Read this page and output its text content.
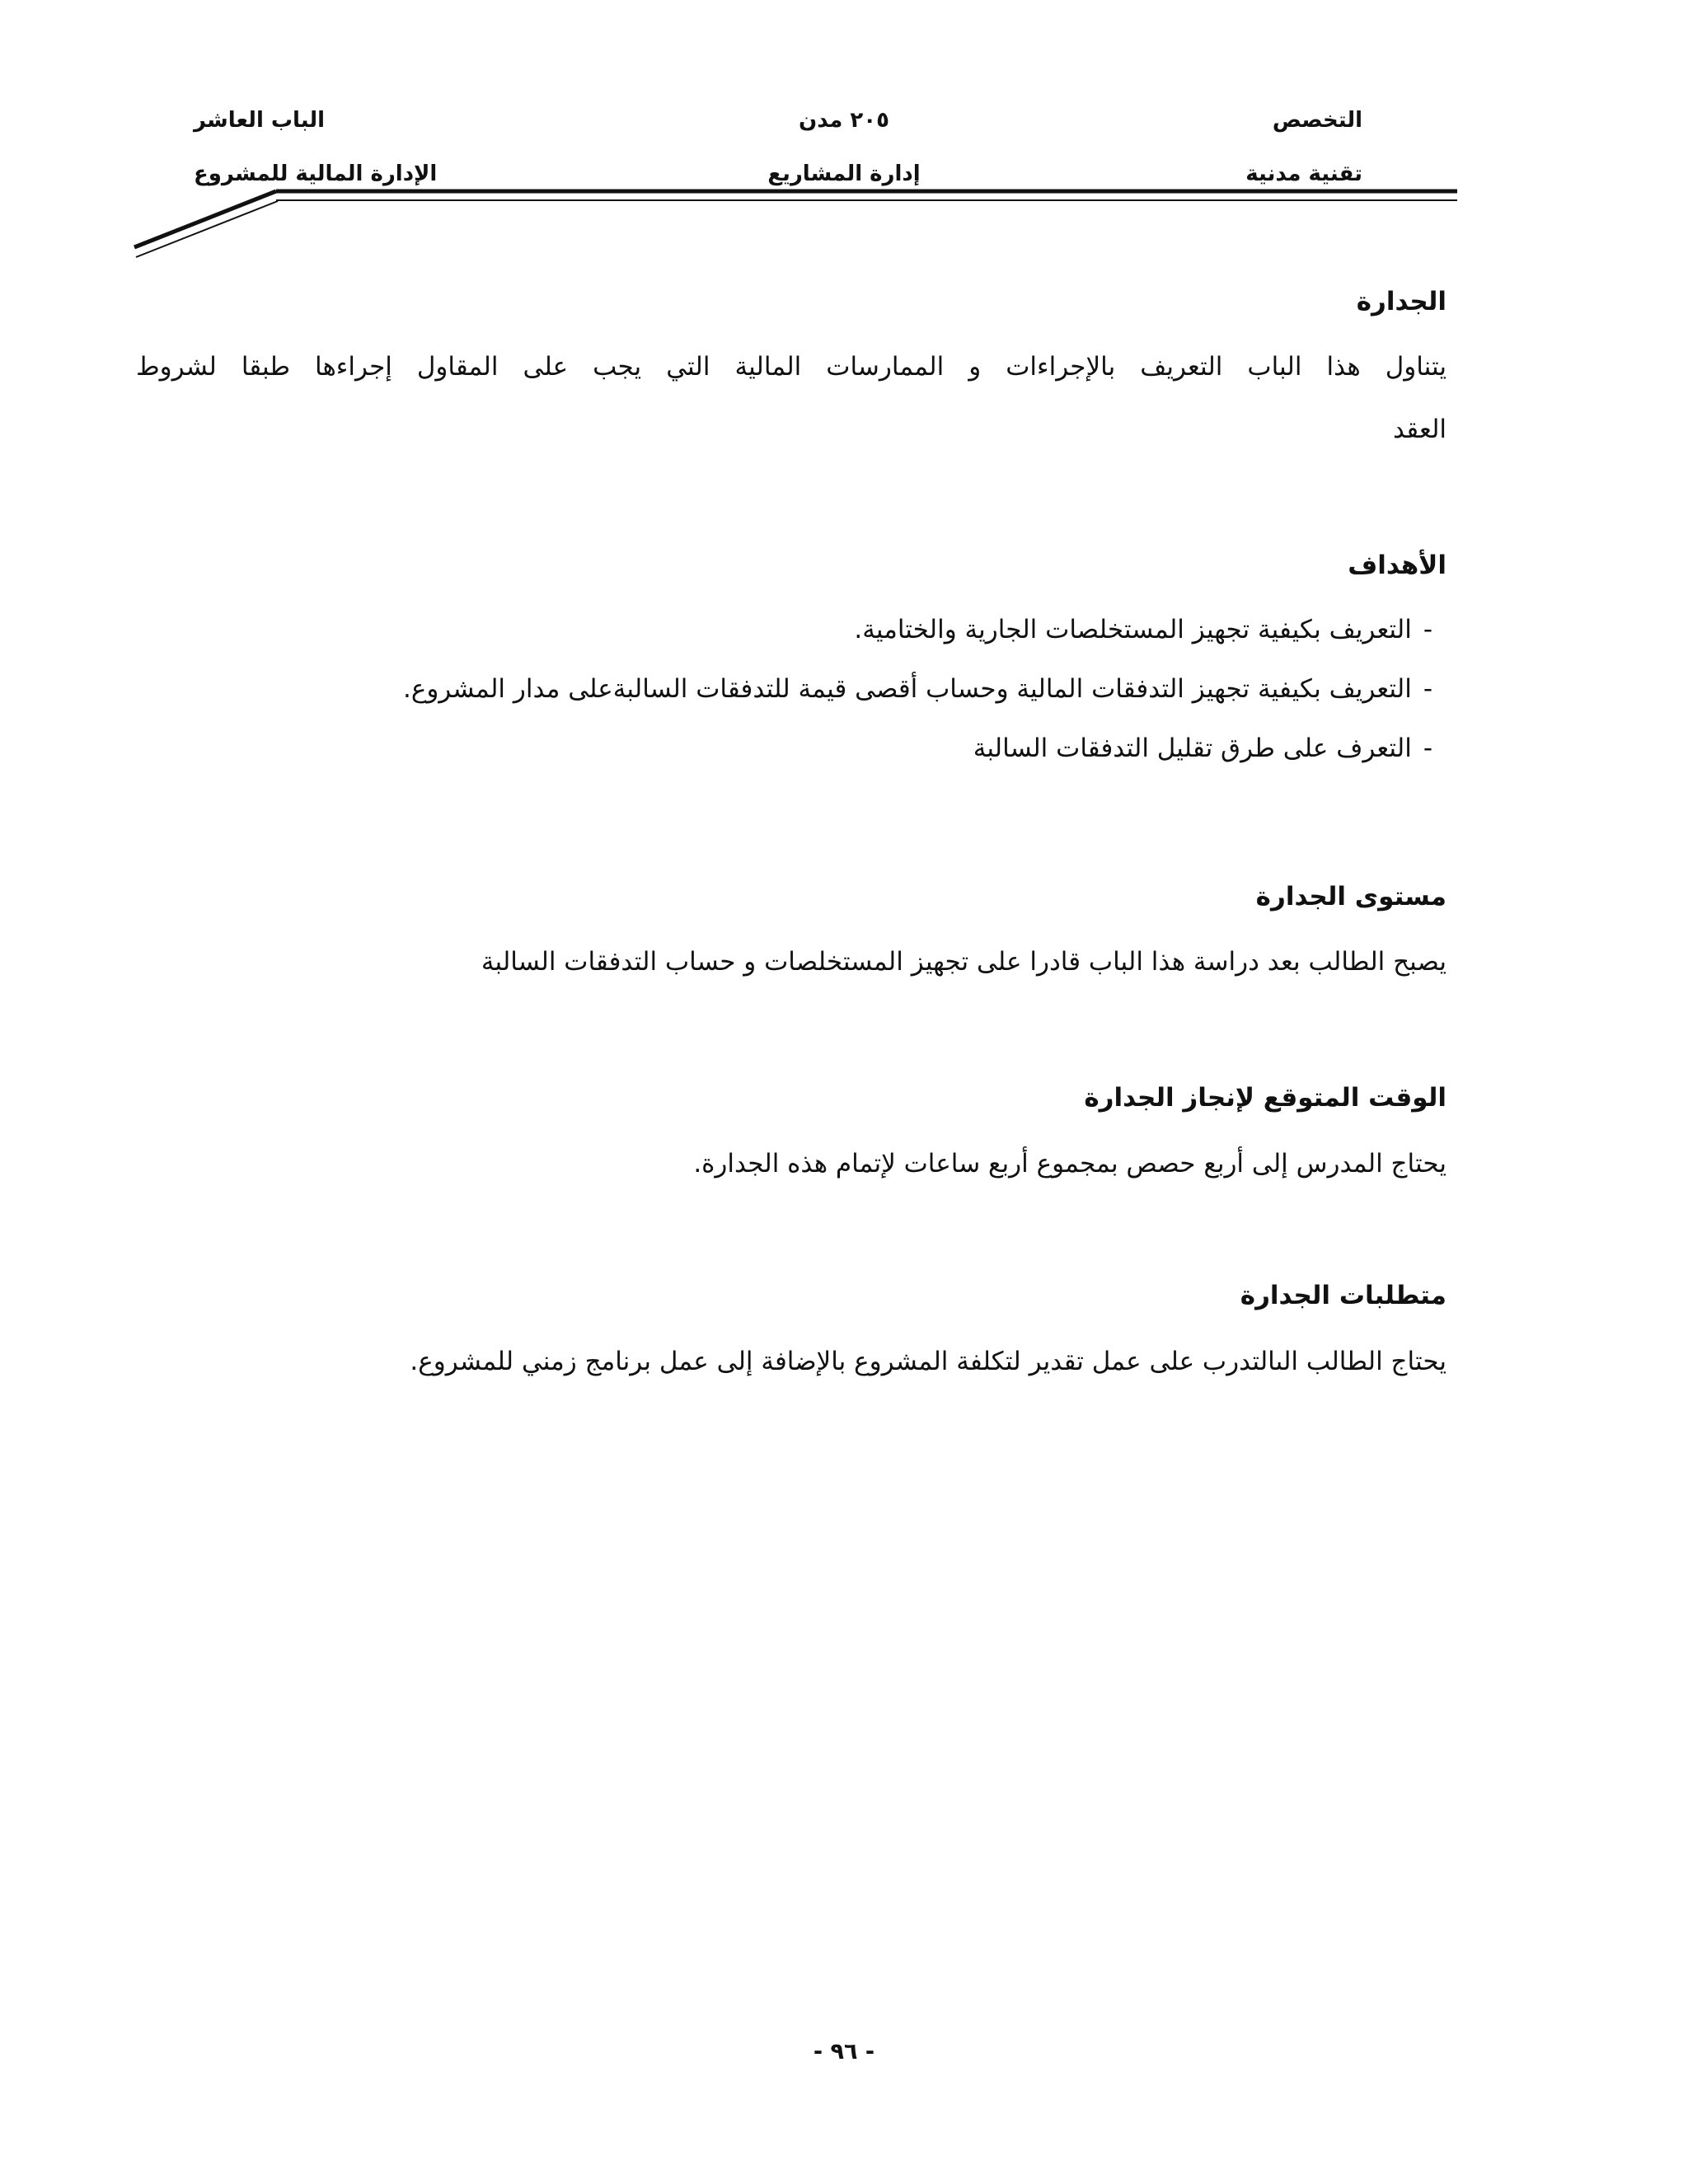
التخصص
٢٠٥ مدن
الباب العاشر
تقنية مدنية
إدارة المشاريع
الإدارة المالية للمشروع
الجدارة
يتناول هذا الباب التعريف بالإجراءات و الممارسات المالية التي يجب على المقاول إجراءها طبقا لشروط
العقد
الأهداف
-التعريف بكيفية تجهيز المستخلصات الجارية والختامية.
-التعريف بكيفية تجهيز التدفقات المالية وحساب أقصى قيمة للتدفقات السالبةعلى مدار المشروع.
-التعرف على طرق تقليل التدفقات السالبة
مستوى الجدارة
يصبح الطالب بعد دراسة هذا الباب قادرا على تجهيز المستخلصات و حساب التدفقات السالبة
الوقت المتوقع لإنجاز الجدارة
يحتاج المدرس إلى أربع حصص بمجموع أربع ساعات لإتمام هذه الجدارة.
متطلبات الجدارة
يحتاج الطالب الىالتدرب على عمل تقدير لتكلفة المشروع بالإضافة إلى عمل برنامج زمني للمشروع.
- ٩٦ -
